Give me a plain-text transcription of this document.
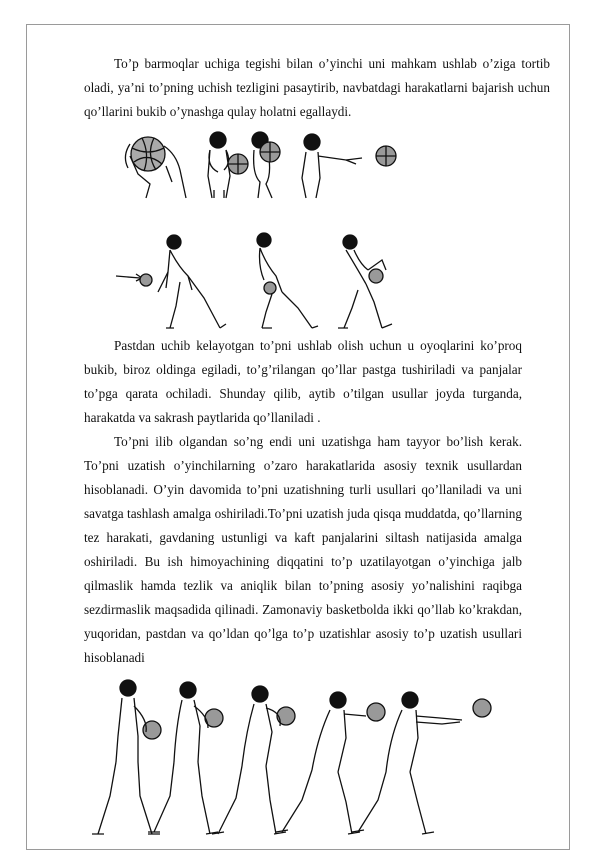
To’p barmoqlar uchiga tegishi bilan o’yinchi uni mahkam ushlab o’ziga tortib oladi, ya’ni to’pning uchish tezligini pasaytirib, navbatdagi harakatlarni bajarish uchun qo’llarini bukib o’ynashga qulay holatni egallaydi.

Pastdan uchib kelayotgan to’pni ushlab olish uchun u oyoqlarini ko’proq bukib, biroz oldinga egiladi, to’g’rilangan qo’llar pastga tushiriladi va panjalar to’pga qarata ochiladi. Shunday qilib, aytib o’tilgan usullar joyda turganda, harakatda va sakrash paytlarida qo’llaniladi .

To’pni ilib olgandan so’ng endi uni uzatishga ham tayyor bo’lish kerak. To’pni uzatish o’yinchilarning o’zaro harakatlarida asosiy texnik usullardan hisoblanadi. O’yin davomida to’pni uzatishning turli usullari qo’llaniladi va uni savatga tashlash amalga oshiriladi.To’pni uzatish juda qisqa muddatda, qo’llarning tez harakati, gavdaning ustunligi va kaft panjalarini siltash natijasida amalga oshiriladi. Bu ish himoyachining diqqatini to’p uzatilayotgan o’yinchiga jalb qilmaslik hamda tezlik va aniqlik bilan to’pning asosiy yo’nalishini raqibga sezdirmaslik maqsadida qilinadi. Zamonaviy basketbolda ikki qo’llab ko’krakdan, yuqoridan, pastdan va qo’ldan qo’lga to’p uzatishlar asosiy to’p uzatish usullari hisoblanadi
